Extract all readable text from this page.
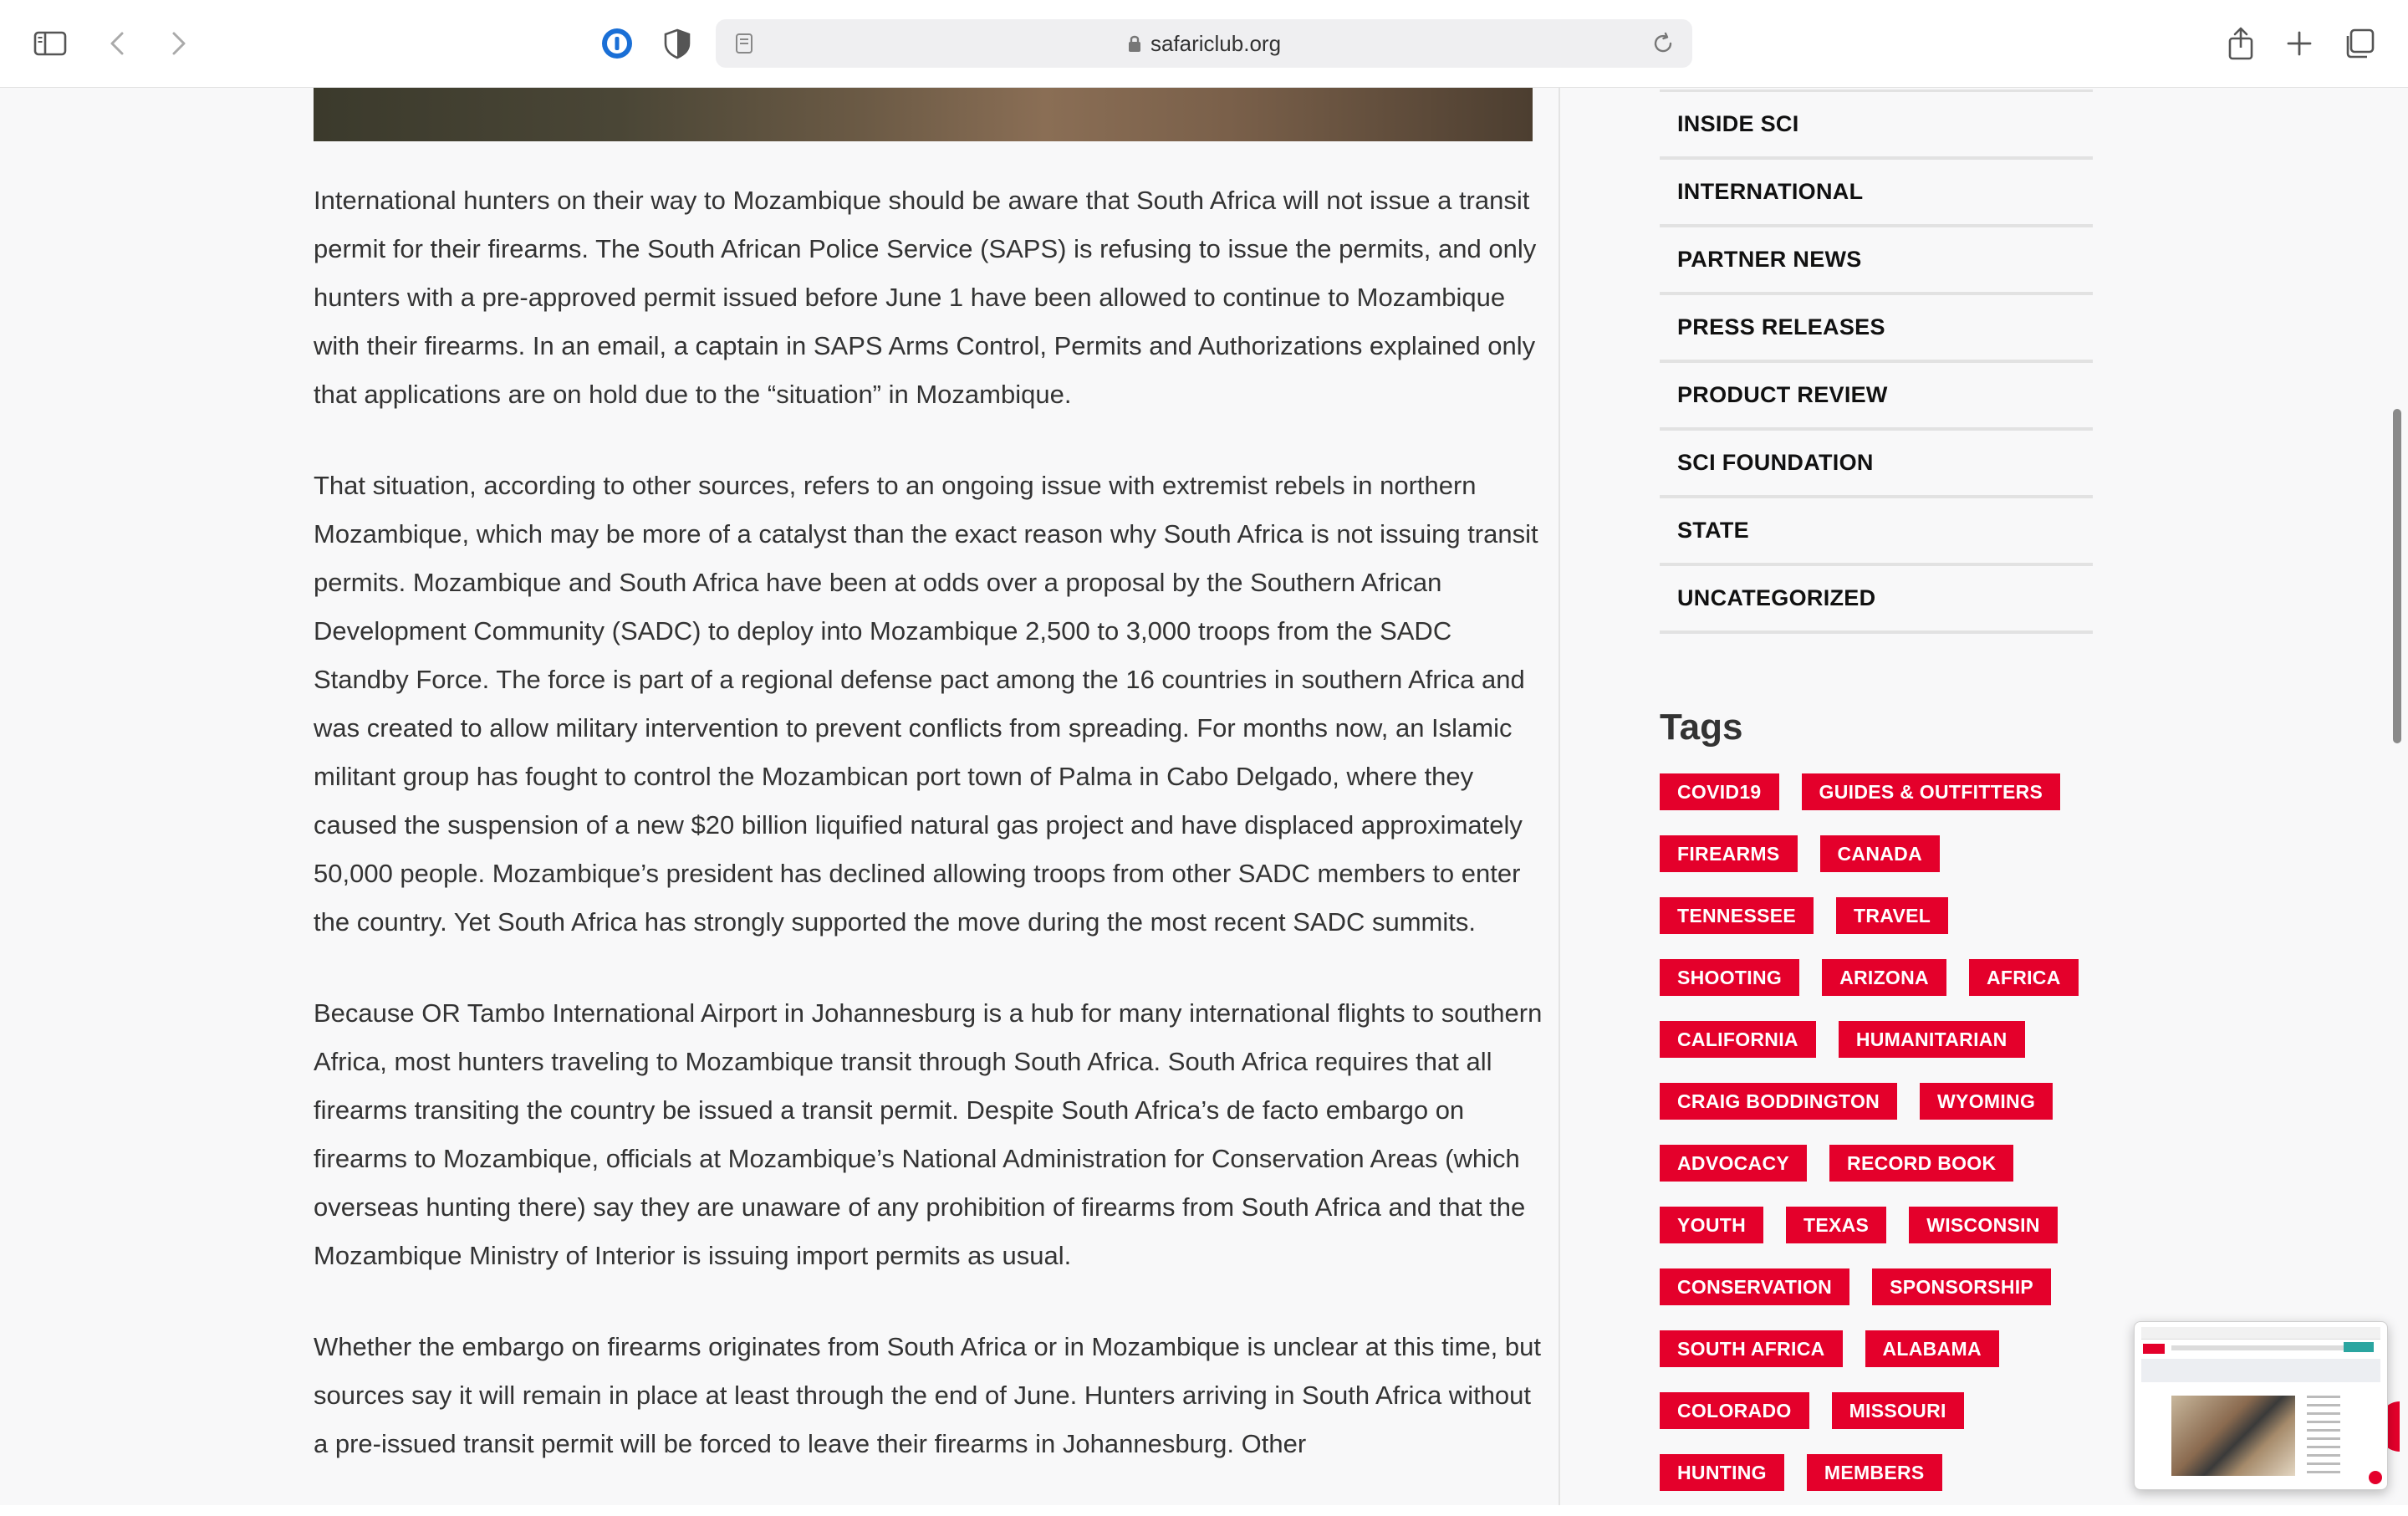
safariclub.org

International hunters on their way to Mozambique should be aware that South Africa will not issue a transit permit for their firearms. The South African Police Service (SAPS) is refusing to issue the permits, and only hunters with a pre-approved permit issued before June 1 have been allowed to continue to Mozambique with their firearms. In an email, a captain in SAPS Arms Control, Permits and Authorizations explained only that applications are on hold due to the “situation” in Mozambique.

That situation, according to other sources, refers to an ongoing issue with extremist rebels in northern Mozambique, which may be more of a catalyst than the exact reason why South Africa is not issuing transit permits. Mozambique and South Africa have been at odds over a proposal by the Southern African Development Community (SADC) to deploy into Mozambique 2,500 to 3,000 troops from the SADC Standby Force. The force is part of a regional defense pact among the 16 countries in southern Africa and was created to allow military intervention to prevent conflicts from spreading. For months now, an Islamic militant group has fought to control the Mozambican port town of Palma in Cabo Delgado, where they caused the suspension of a new $20 billion liquified natural gas project and have displaced approximately 50,000 people. Mozambique’s president has declined allowing troops from other SADC members to enter the country. Yet South Africa has strongly supported the move during the most recent SADC summits.

Because OR Tambo International Airport in Johannesburg is a hub for many international flights to southern Africa, most hunters traveling to Mozambique transit through South Africa. South Africa requires that all firearms transiting the country be issued a transit permit. Despite South Africa’s de facto embargo on firearms to Mozambique, officials at Mozambique’s National Administration for Conservation Areas (which overseas hunting there) say they are unaware of any prohibition of firearms from South Africa and that the Mozambique Ministry of Interior is issuing import permits as usual.

Whether the embargo on firearms originates from South Africa or in Mozambique is unclear at this time, but sources say it will remain in place at least through the end of June. Hunters arriving in South Africa without a pre-issued transit permit will be forced to leave their firearms in Johannesburg. Other

INSIDE SCI
INTERNATIONAL
PARTNER NEWS
PRESS RELEASES
PRODUCT REVIEW
SCI FOUNDATION
STATE
UNCATEGORIZED
Tags
COVID19	GUIDES & OUTFITTERS
FIREARMS	CANADA
TENNESSEE	TRAVEL
SHOOTING	ARIZONA	AFRICA
CALIFORNIA	HUMANITARIAN
CRAIG BODDINGTON	WYOMING
ADVOCACY	RECORD BOOK
YOUTH	TEXAS	WISCONSIN
CONSERVATION	SPONSORSHIP
SOUTH AFRICA	ALABAMA
COLORADO	MISSOURI
HUNTING	MEMBERS
